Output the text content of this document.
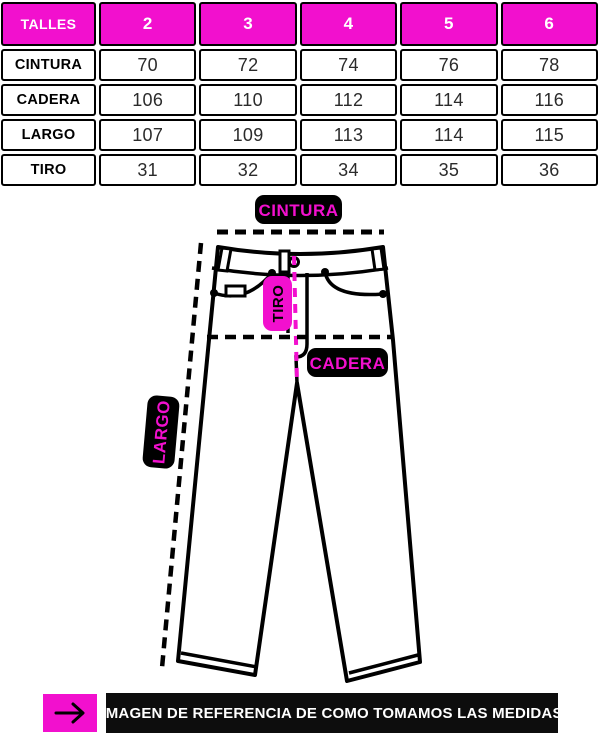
TALLES	2	3	4	5	6
CINTURA	70	72	74	76	78
CADERA	106	110	112	114	116
LARGO	107	109	113	114	115
TIRO	31	32	34	35	36
CINTURA
TIRO
CADERA
LARGO
IMAGEN DE REFERENCIA DE COMO TOMAMOS LAS MEDIDAS
